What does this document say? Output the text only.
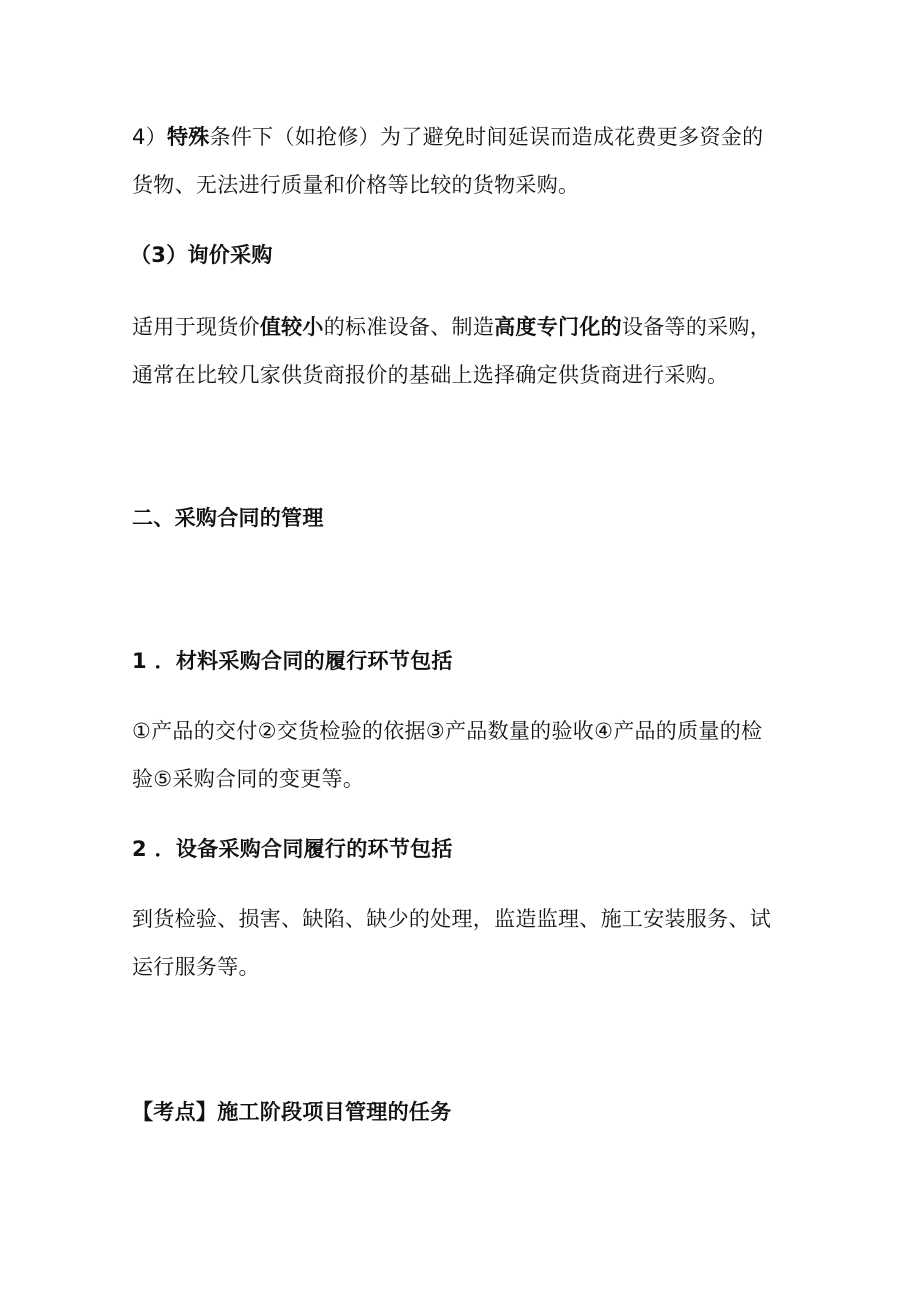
4）特殊条件下（如抢修）为了避免时间延误而造成花费更多资金的
货物、无法进行质量和价格等比较的货物采购。
（3）询价采购
适用于现货价值较小的标准设备、制造高度专门化的设备等的采购，
通常在比较几家供货商报价的基础上选择确定供货商进行采购。
二、采购合同的管理
1 ．材料采购合同的履行环节包括
①产品的交付②交货检验的依据③产品数量的验收④产品的质量的检
验⑤采购合同的变更等。
2 ．设备采购合同履行的环节包括
到货检验、损害、缺陷、缺少的处理，监造监理、施工安装服务、试
运行服务等。
【考点】施工阶段项目管理的任务
